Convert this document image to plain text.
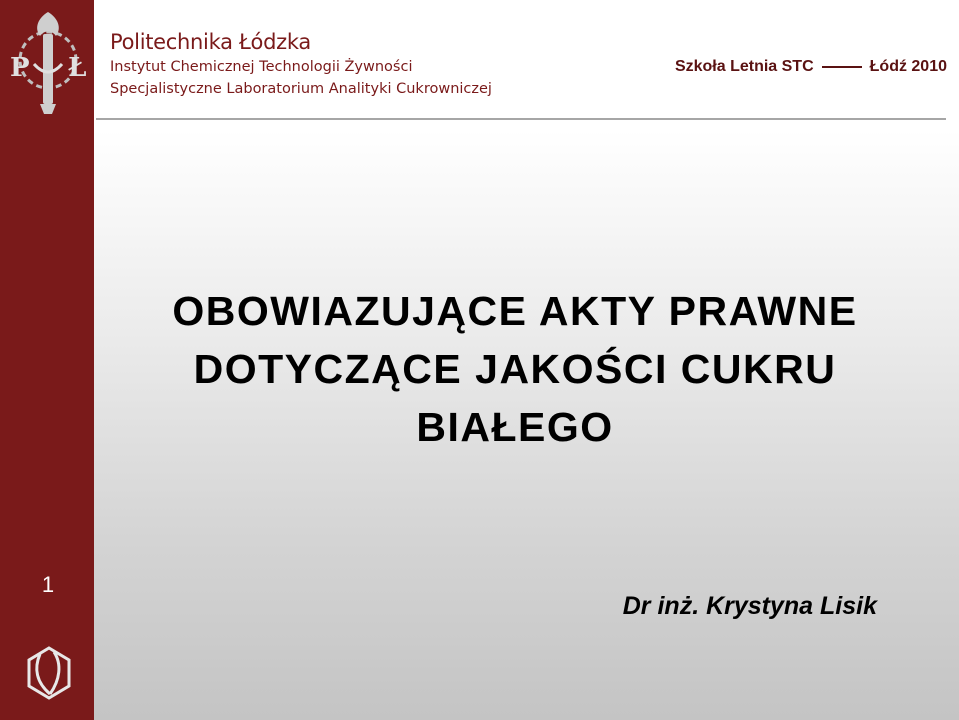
P Ł
1

Politechnika Łódzka

Instytut Chemicznej Technologii Żywności

Specjalistyczne Laboratorium Analityki Cukrowniczej

Szkoła Letnia STC	Łódź 2010
OBOWIAZUJĄCE AKTY PRAWNE
DOTYCZĄCE JAKOŚCI CUKRU
BIAŁEGO
Dr inż. Krystyna Lisik
